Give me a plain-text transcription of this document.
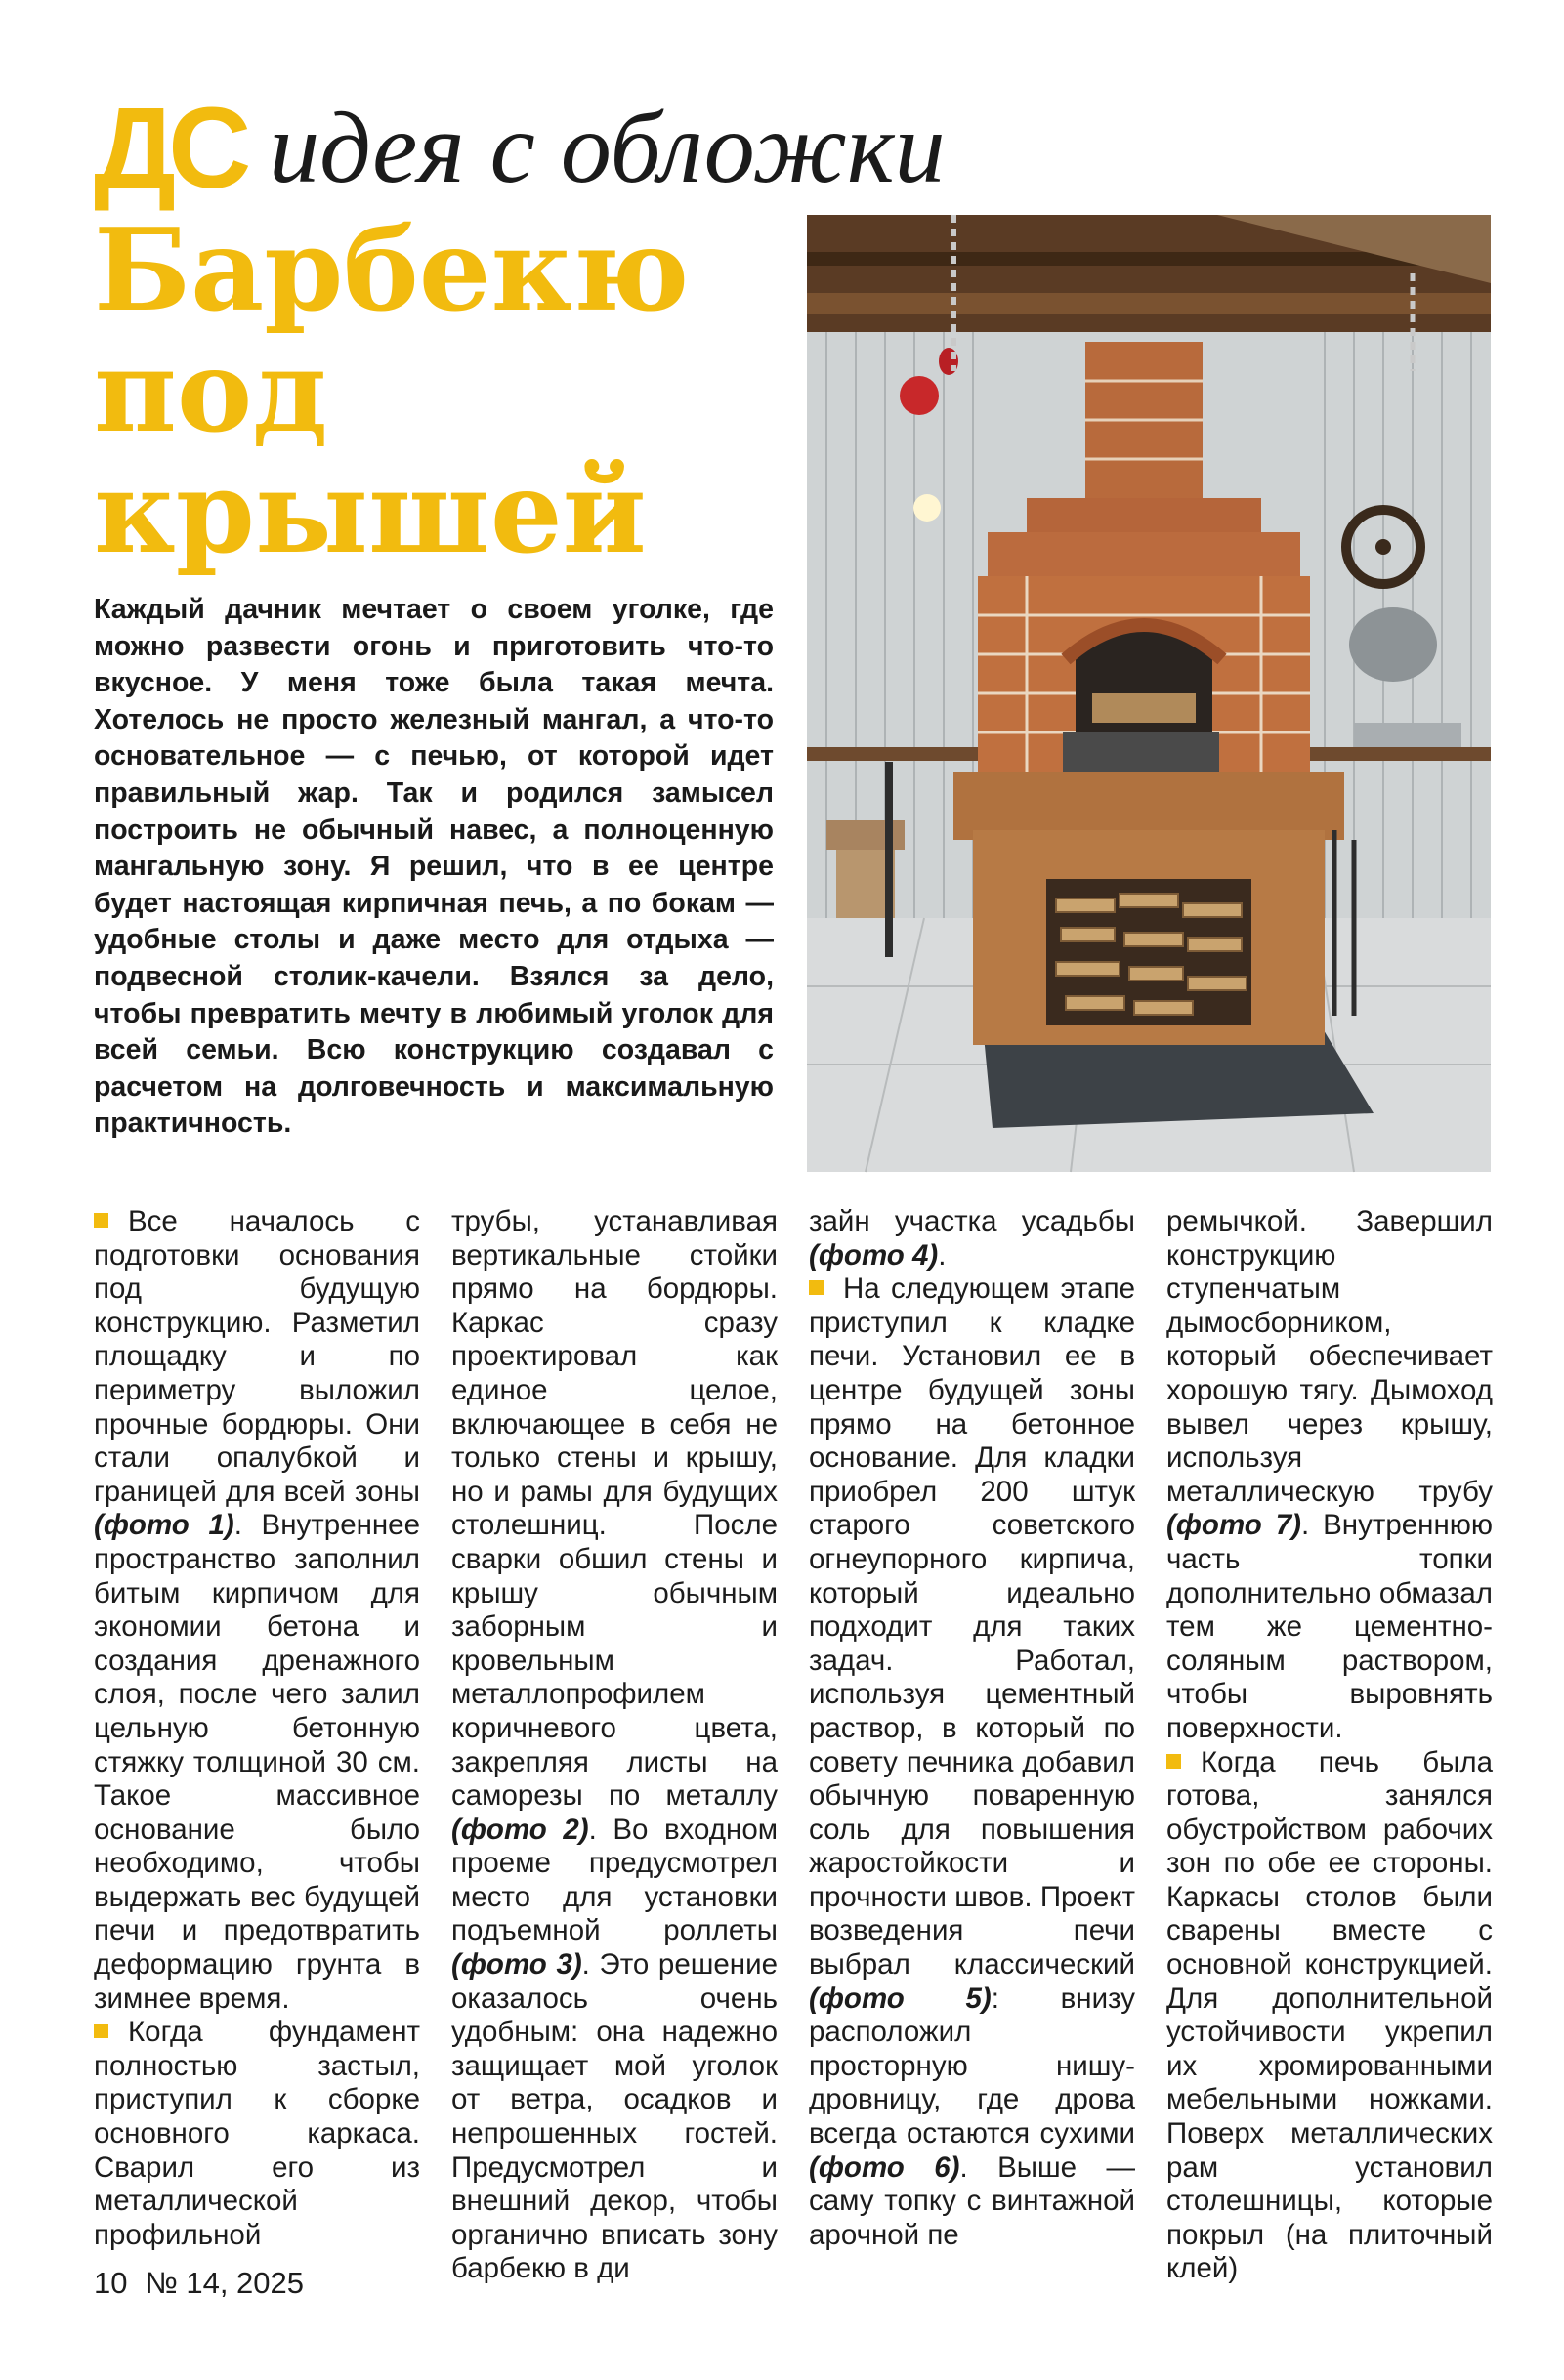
ДС идея с обложки
Барбекю
под
крышей

Каждый дачник мечтает о своем уголке, где можно развести огонь и приготовить что-то вкусное. У меня тоже была такая мечта. Хотелось не просто железный мангал, а что-то основательное — с печью, от которой идет правильный жар. Так и родился замысел построить не обычный навес, а полноценную мангальную зону. Я решил, что в ее центре будет настоящая кирпичная печь, а по бокам — удобные столы и даже место для отдыха — подвесной столик-качели. Взялся за дело, чтобы превратить мечту в любимый уголок для всей семьи. Всю конструкцию создавал с расчетом на долговечность и максимальную практичность.

Все началось с подготовки основания под будущую конструкцию. Разметил площадку и по периметру выложил прочные бордюры. Они стали опалубкой и границей для всей зоны (фото 1). Внутреннее пространство заполнил битым кирпичом для экономии бетона и создания дренажного слоя, после чего залил цельную бетонную стяжку толщиной 30 см. Такое массивное основание было необходимо, чтобы выдержать вес будущей печи и предотвратить деформацию грунта в зимнее время.

Когда фундамент полностью застыл, приступил к сборке основного каркаса. Сварил его из металлической профильной

трубы, устанавливая вертикальные стойки прямо на бордюры. Каркас сразу проектировал как единое целое, включающее в себя не только стены и крышу, но и рамы для будущих столешниц. После сварки обшил стены и крышу обычным заборным и кровельным металлопрофилем коричневого цвета, закрепляя листы на саморезы по металлу (фото 2). Во входном проеме предусмотрел место для установки подъемной роллеты (фото 3). Это решение оказалось очень удобным: она надежно защищает мой уголок от ветра, осадков и непрошенных гостей. Предусмотрел и внешний декор, чтобы органично вписать зону барбекю в ди

зайн участка усадьбы (фото 4).

На следующем этапе приступил к кладке печи. Установил ее в центре будущей зоны прямо на бетонное основание. Для кладки приобрел 200 штук старого советского огнеупорного кирпича, который идеально подходит для таких задач. Работал, используя цементный раствор, в который по совету печника добавил обычную поваренную соль для повышения жаростойкости и прочности швов. Проект возведения печи выбрал классический (фото 5): внизу расположил просторную нишу-дровницу, где дрова всегда остаются сухими (фото 6). Выше — саму топку с винтажной арочной пе

ремычкой. Завершил конструкцию ступенчатым дымосборником, который обеспечивает хорошую тягу. Дымоход вывел через крышу, используя металлическую трубу (фото 7). Внутреннюю часть топки дополнительно обмазал тем же цементно-соляным раствором, чтобы выровнять поверхности.

Когда печь была готова, занялся обустройством рабочих зон по обе ее стороны. Каркасы столов были сварены вместе с основной конструкцией. Для дополнительной устойчивости укрепил их хромированными мебельными ножками. Поверх металлических рам установил столешницы, которые покрыл (на плиточный клей)

10 № 14, 2025
